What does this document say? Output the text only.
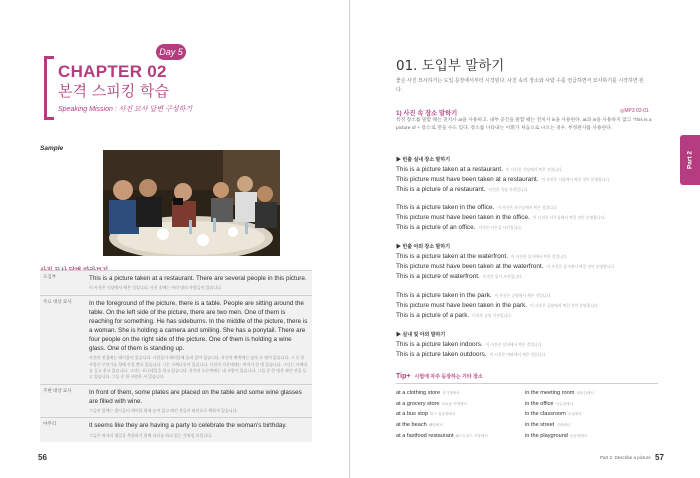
Day 5
CHAPTER 02
본격 스피킹 학습
Speaking Mission : 사진 묘사 답변 구성하기
Sample
도입부	This is a picture taken at a restaurant. There are several people in this picture.
이 사진은 식당에서 찍은 것입니다. 사진 속에는 여러 명의 사람들이 있습니다.

주요 대상 묘사	In the foreground of the picture, there is a table. People are sitting around the table. On the left side of the picture, there are two men. One of them is reaching for something. He has sideburns. In the middle of the picture, there is a woman. She is holding a camera and smiling. She has a ponytail. There are four people on the right side of the picture. One of them is holding a wine glass. One of them is standing up.
사진의 전경에는 테이블이 있습니다. 사람들이 테이블에 둘러 앉아 있습니다. 사진의 왼쪽에는 남자 두 명이 있습니다. 그 중 한 사람은 무언가를 향해 손을 뻗고 있습니다. 그는 구레나룻이 있습니다. 사진의 가운데에는 여자가 한 명 있습니다. 그녀는 카메라를 들고 웃고 있습니다. 그녀는 포니테일을 하고 있습니다. 사진의 오른쪽에는 네 사람이 있습니다. 그들 중 한 명은 와인 잔을 들고 있습니다. 그들 중 한 사람은 서 있습니다.

주변 대상 묘사	In front of them, some plates are placed on the table and some wine glasses are filled with wine.
그들의 앞에는 접시들이 테이블 위에 놓여 있고 와인 잔들이 와인으로 채워져 있습니다.

마무리	It seems like they are having a party to celebrate the woman's birthday.
그들은 여자의 생일을 축하하기 위해 파티를 하고 있는 것처럼 보입니다.
56
01. 도입부 말하기
좋은 사진 묘사하기는 도입 문장에서부터 시작된다. 사진 속의 장소와 사람 수를 언급하면서 묘사하기를 시작하면 된다.
1) 사진 속 장소 말하기	◎MP3 02-01
특정 장소를 말할 때는 전치사 at을 사용하고, 내부 공간을 말할 때는 전치사 in을 사용한다. at과 in을 사용하지 않고 'This is a picture of + 장소'로 만들 수도 있다. 장소를 나타내는 어휘가 처음으로 나오는 경우, 부정관사를 사용한다.
▶ 빈출 실내 장소 말하기
This is a picture taken at a restaurant. 이 사진은 식당에서 찍은 것입니다.
This picture must have been taken at a restaurant. 이 사진은 식당에서 찍힌 것이 분명합니다.
This is a picture of a restaurant. 이것은 식당 사진입니다.
This is a picture taken in the office. 이 사진은 사무실에서 찍은 것입니다.
This picture must have been taken in the office. 이 사진은 사무실에서 찍힌 것이 분명합니다.
This is a picture of an office. 이것은 사무실 사진입니다.
▶ 빈출 야외 장소 말하기
This is a picture taken at the waterfront. 이 사진은 물가에서 찍은 것입니다.
This picture must have been taken at the waterfront. 이 사진은 물가에서 찍힌 것이 분명합니다.
This is a picture of waterfront. 이것은 물가 사진입니다.
This is a picture taken in the park. 이 사진은 공원에서 찍은 것입니다.
This picture must have been taken in the park. 이 사진은 공원에서 찍힌 것이 분명합니다.
This is a picture of a park. 이것은 공원 사진입니다.
▶ 실내 및 야외 말하기
This is a picture taken indoors. 이 사진은 실내에서 찍은 것입니다.
This is a picture taken outdoors. 이 사진은 야외에서 찍은 것입니다.
Tip+ 시험에 자주 등장하는 기타 장소
at a clothing store 옷가게에서
at a grocery store 식료품 가게에서
at a bus stop 버스 정류장에서
at the beach 해변에서
at a fastfood restaurant 패스트푸드 식당에서
in the meeting room 회의실에서
in the office 사무실에서
in the classroom 교실에서
in the street 거리에서
in the playground 운동장에서
Part 2
Part 2. Describe a picture 57
